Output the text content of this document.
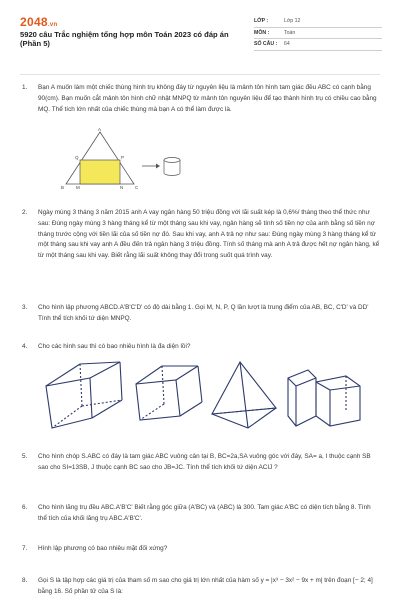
2048.vn
5920 câu Trắc nghiệm tổng hợp môn Toán 2023 có đáp án (Phần 5)
LỚP :	Lớp 12
MÔN :	Toán
SỐ CÂU :	64
1. Bạn A muốn làm một chiếc thùng hình trụ không đáy từ nguyên liệu là mảnh tôn hình tam giác đều ABC có cạnh bằng 90(cm). Bạn muốn cắt mảnh tôn hình chữ nhật MNPQ từ mảnh tôn nguyên liệu để tạo thành hình trụ có chiều cao bằng MQ. Thể tích lớn nhất của chiếc thùng mà bạn A có thể làm được là.

A
B	C
M	N
P
Q
2. Ngày mùng 3 tháng 3 năm 2015 anh A vay ngân hàng 50 triệu đồng với lãi suất kép là 0,6%/ tháng theo thể thức như sau: Đúng ngày mùng 3 hàng tháng kể từ một tháng sau khi vay, ngân hàng sẽ tính số tiền nợ của anh bằng số tiền nợ tháng trước cộng với tiền lãi của số tiền nợ đó. Sau khi vay, anh A trả nợ như sau: Đúng ngày mùng 3 hàng tháng kể từ một tháng sau khi vay anh A đều đến trả ngân hàng 3 triệu đồng. Tính số tháng mà anh A trả được hết nợ ngân hàng, kể từ một tháng sau khi vay. Biết rằng lãi suất không thay đổi trong suốt quá trình vay.

3. Cho hình lập phương ABCD.A'B'C'D' có độ dài bằng 1. Gọi M, N, P, Q lần lượt là trung điểm của AB, BC, C'D' và DD' Tính thể tích khối tứ diện MNPQ.

4. Cho các hình sau thì có bao nhiêu hình là đa diện lồi?

5. Cho hình chóp S.ABC có đáy là tam giác ABC vuông cân tại B, BC=2a,SA vuông góc với đáy, SA= a, I thuộc cạnh SB sao cho SI=13SB, J thuộc cạnh BC sao cho JB=JC. Tính thể tích khối tứ diện ACIJ ?

6. Cho hình lăng trụ đều ABC.A'B'C' Biết rằng góc giữa (A'BC) và (ABC) là 300. Tam giác A'BC có diện tích bằng 8. Tính thể tích của khối lăng trụ ABC.A'B'C'.

7. Hình lập phương có bao nhiêu mặt đối xứng?

8. Gọi S là tập hợp các giá trị của tham số m sao cho giá trị lớn nhất của hàm số y = |x³ − 3x² − 9x + m| trên đoạn [− 2; 4] bằng 16. Số phần tử của S là:
